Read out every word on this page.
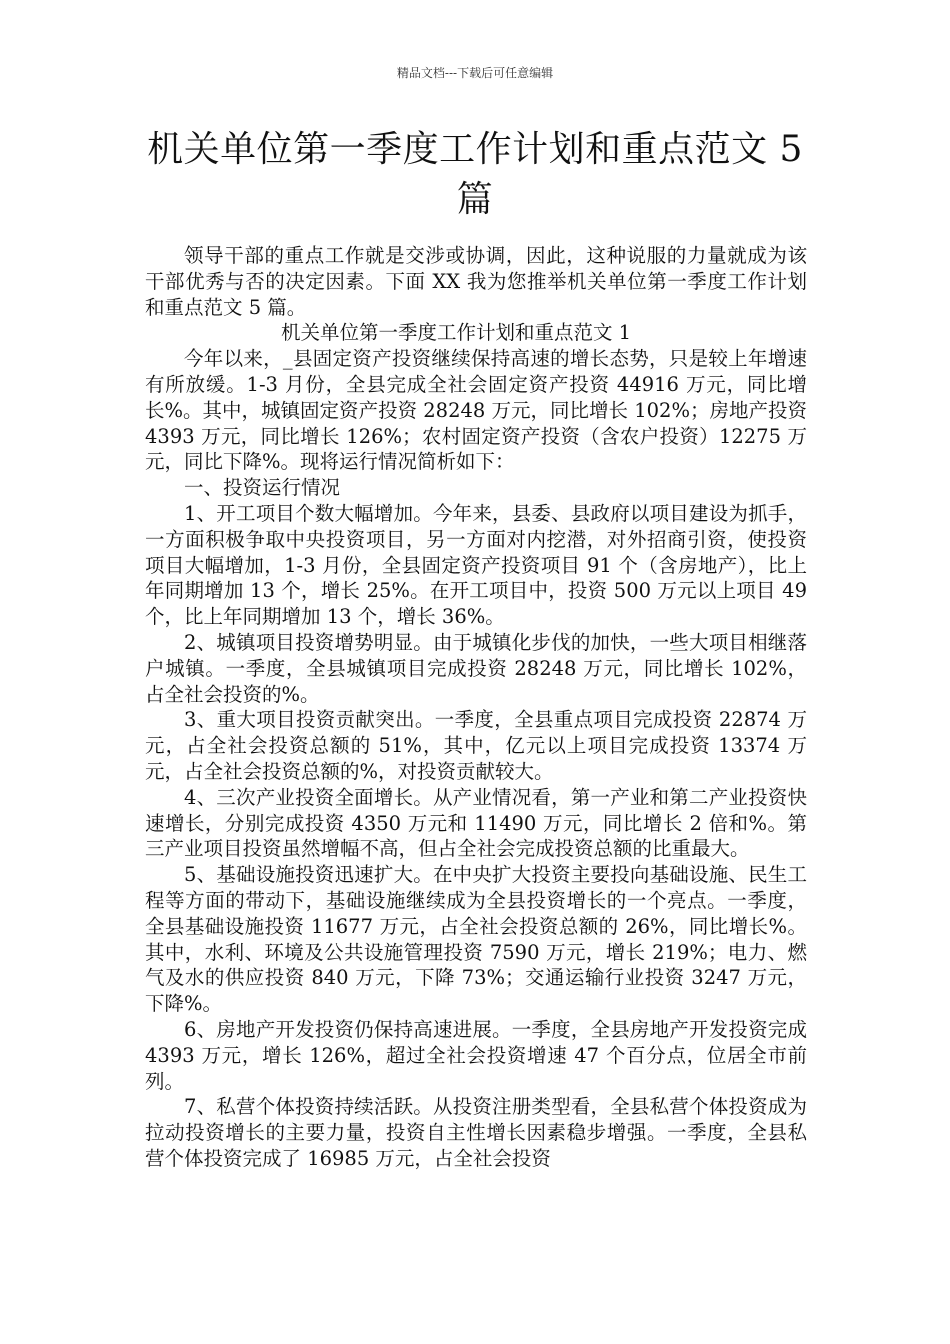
精品文档---下载后可任意编辑
机关单位第一季度工作计划和重点范文 5 篇

领导干部的重点工作就是交涉或协调，因此，这种说服的力量就成为该干部优秀与否的决定因素。下面 XX 我为您推举机关单位第一季度工作计划和重点范文 5 篇。

机关单位第一季度工作计划和重点范文 1

今年以来，_县固定资产投资继续保持高速的增长态势，只是较上年增速有所放缓。1-3 月份，全县完成全社会固定资产投资 44916 万元，同比增长%。其中，城镇固定资产投资 28248 万元，同比增长 102%；房地产投资 4393 万元，同比增长 126%；农村固定资产投资（含农户投资）12275 万元，同比下降%。现将运行情况简析如下：

一、投资运行情况

1、开工项目个数大幅增加。今年来，县委、县政府以项目建设为抓手，一方面积极争取中央投资项目，另一方面对内挖潜，对外招商引资，使投资项目大幅增加，1-3 月份，全县固定资产投资项目 91 个（含房地产），比上年同期增加 13 个，增长 25%。在开工项目中，投资 500 万元以上项目 49 个，比上年同期增加 13 个，增长 36%。

2、城镇项目投资增势明显。由于城镇化步伐的加快，一些大项目相继落户城镇。一季度，全县城镇项目完成投资 28248 万元，同比增长 102%，占全社会投资的%。

3、重大项目投资贡献突出。一季度，全县重点项目完成投资 22874 万元，占全社会投资总额的 51%，其中，亿元以上项目完成投资 13374 万元，占全社会投资总额的%，对投资贡献较大。

4、三次产业投资全面增长。从产业情况看，第一产业和第二产业投资快速增长，分别完成投资 4350 万元和 11490 万元，同比增长 2 倍和%。第三产业项目投资虽然增幅不高，但占全社会完成投资总额的比重最大。

5、基础设施投资迅速扩大。在中央扩大投资主要投向基础设施、民生工程等方面的带动下，基础设施继续成为全县投资增长的一个亮点。一季度，全县基础设施投资 11677 万元，占全社会投资总额的 26%，同比增长%。其中，水利、环境及公共设施管理投资 7590 万元，增长 219%；电力、燃气及水的供应投资 840 万元，下降 73%；交通运输行业投资 3247 万元，下降%。

6、房地产开发投资仍保持高速进展。一季度，全县房地产开发投资完成 4393 万元，增长 126%，超过全社会投资增速 47 个百分点，位居全市前列。

7、私营个体投资持续活跃。从投资注册类型看，全县私营个体投资成为拉动投资增长的主要力量，投资自主性增长因素稳步增强。一季度，全县私营个体投资完成了 16985 万元，占全社会投资
